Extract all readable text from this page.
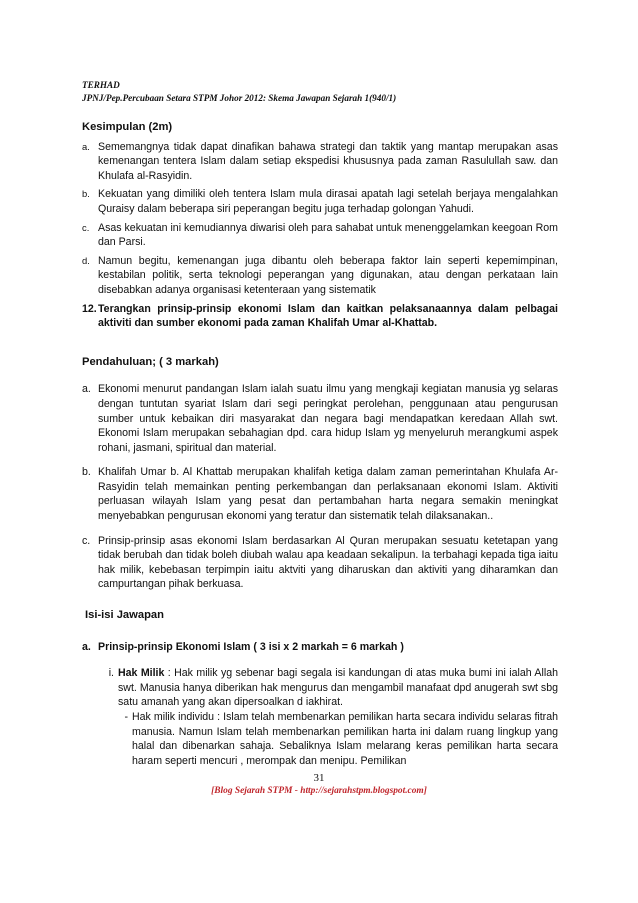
TERHAD
JPNJ/Pep.Percubaan Setara STPM Johor 2012: Skema Jawapan Sejarah 1(940/1)
Kesimpulan (2m)
a. Sememangnya tidak dapat dinafikan bahawa strategi dan taktik yang mantap merupakan asas kemenangan tentera Islam dalam setiap ekspedisi khususnya pada zaman Rasulullah saw. dan Khulafa al-Rasyidin.
b. Kekuatan yang dimiliki oleh tentera Islam mula dirasai apatah lagi setelah berjaya mengalahkan Quraisy dalam beberapa siri peperangan begitu juga terhadap golongan Yahudi.
c. Asas kekuatan ini kemudiannya diwarisi oleh para sahabat untuk menenggelamkan keegoan Rom dan Parsi.
d. Namun begitu, kemenangan juga dibantu oleh beberapa faktor lain seperti kepemimpinan, kestabilan politik, serta teknologi peperangan yang digunakan, atau dengan perkataan lain disebabkan adanya organisasi ketenteraan yang sistematik
12. Terangkan prinsip-prinsip ekonomi Islam dan kaitkan pelaksanaannya dalam pelbagai aktiviti dan sumber ekonomi pada zaman Khalifah Umar al-Khattab.
Pendahuluan; ( 3 markah)
a. Ekonomi menurut pandangan Islam ialah suatu ilmu yang mengkaji kegiatan manusia yg selaras dengan tuntutan syariat Islam dari segi peringkat perolehan, penggunaan atau pengurusan sumber untuk kebaikan diri masyarakat dan negara bagi mendapatkan keredaan Allah swt. Ekonomi Islam merupakan sebahagian dpd. cara hidup Islam yg menyeluruh merangkumi aspek rohani, jasmani, spiritual dan material.
b. Khalifah Umar b. Al Khattab merupakan khalifah ketiga dalam zaman pemerintahan Khulafa Ar-Rasyidin telah memainkan penting perkembangan dan perlaksanaan ekonomi Islam. Aktiviti perluasan wilayah Islam yang pesat dan pertambahan harta negara semakin meningkat menyebabkan pengurusan ekonomi yang teratur dan sistematik telah dilaksanakan..
c. Prinsip-prinsip asas ekonomi Islam berdasarkan Al Quran merupakan sesuatu ketetapan yang tidak berubah dan tidak boleh diubah walau apa keadaan sekalipun. Ia terbahagi kepada tiga iaitu hak milik, kebebasan terpimpin iaitu aktviti yang diharuskan dan aktiviti yang diharamkan dan campurtangan pihak berkuasa.
Isi-isi Jawapan
a. Prinsip-prinsip Ekonomi Islam ( 3 isi x 2 markah = 6 markah )
i. Hak Milik : Hak milik yg sebenar bagi segala isi kandungan di atas muka bumi ini ialah Allah swt. Manusia hanya diberikan hak mengurus dan mengambil manafaat dpd anugerah swt sbg satu amanah yang akan dipersoalkan d iakhirat.
- Hak milik individu : Islam telah membenarkan pemilikan harta secara individu selaras fitrah manusia. Namun Islam telah membenarkan pemilikan harta ini dalam ruang lingkup yang halal dan dibenarkan sahaja. Sebaliknya Islam melarang keras pemilikan harta secara haram seperti mencuri , merompak dan menipu. Pemilikan
31
[Blog Sejarah STPM - http://sejarahstpm.blogspot.com]
